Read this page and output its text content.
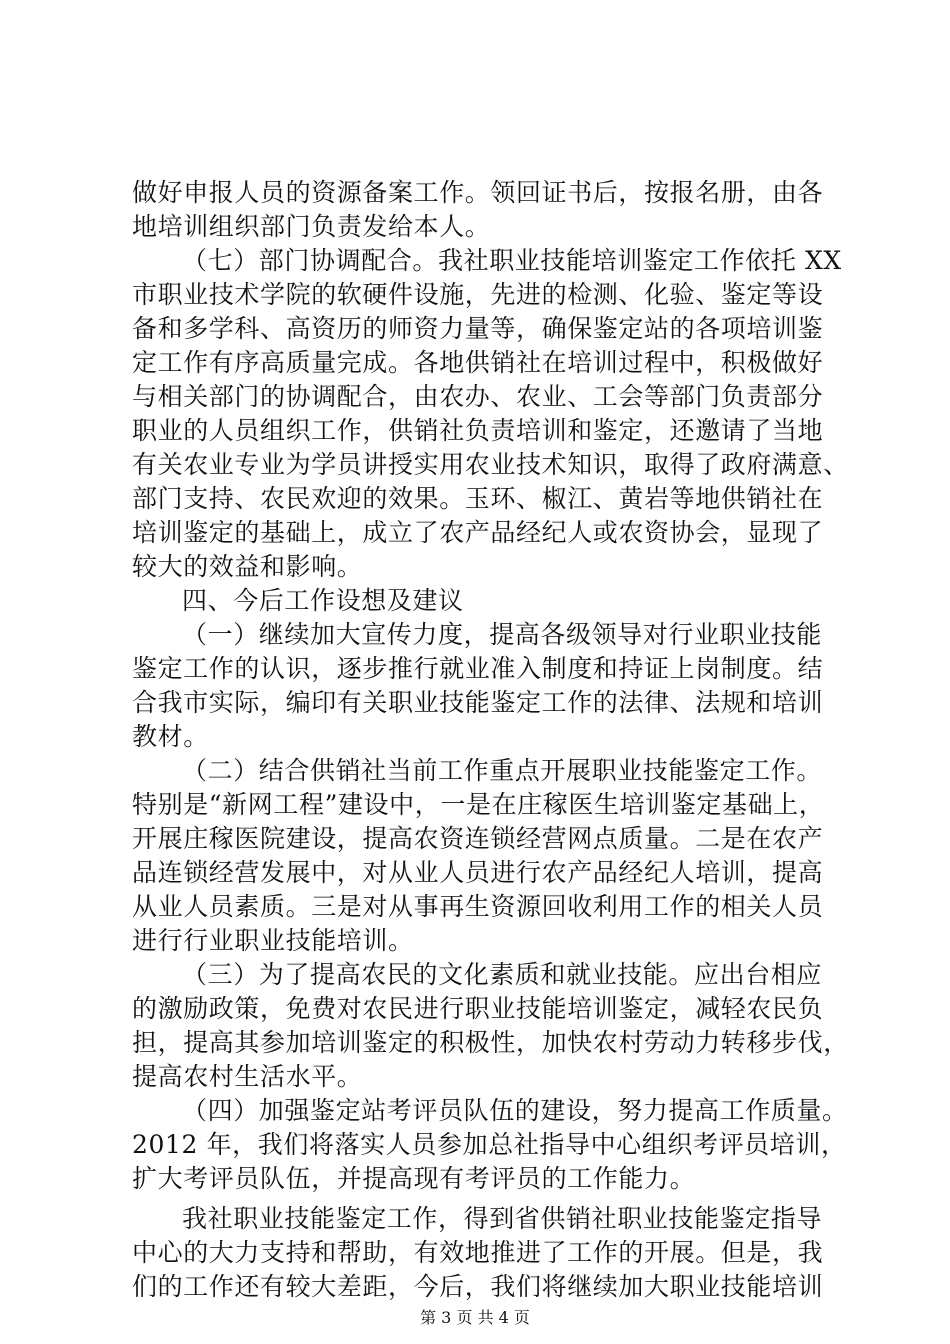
做好申报人员的资源备案工作。领回证书后，按报名册，由各
地培训组织部门负责发给本人。
（七）部门协调配合。我社职业技能培训鉴定工作依托 XX
市职业技术学院的软硬件设施，先进的检测、化验、鉴定等设
备和多学科、高资历的师资力量等，确保鉴定站的各项培训鉴
定工作有序高质量完成。各地供销社在培训过程中，积极做好
与相关部门的协调配合，由农办、农业、工会等部门负责部分
职业的人员组织工作，供销社负责培训和鉴定，还邀请了当地
有关农业专业为学员讲授实用农业技术知识，取得了政府满意、
部门支持、农民欢迎的效果。玉环、椒江、黄岩等地供销社在
培训鉴定的基础上，成立了农产品经纪人或农资协会，显现了
较大的效益和影响。
四、今后工作设想及建议
（一）继续加大宣传力度，提高各级领导对行业职业技能
鉴定工作的认识，逐步推行就业准入制度和持证上岗制度。结
合我市实际，编印有关职业技能鉴定工作的法律、法规和培训
教材。
（二）结合供销社当前工作重点开展职业技能鉴定工作。
特别是“新网工程”建设中，一是在庄稼医生培训鉴定基础上，
开展庄稼医院建设，提高农资连锁经营网点质量。二是在农产
品连锁经营发展中，对从业人员进行农产品经纪人培训，提高
从业人员素质。三是对从事再生资源回收利用工作的相关人员
进行行业职业技能培训。
（三）为了提高农民的文化素质和就业技能。应出台相应
的激励政策，免费对农民进行职业技能培训鉴定，减轻农民负
担，提高其参加培训鉴定的积极性，加快农村劳动力转移步伐，
提高农村生活水平。
（四）加强鉴定站考评员队伍的建设，努力提高工作质量。
2012 年，我们将落实人员参加总社指导中心组织考评员培训，
扩大考评员队伍，并提高现有考评员的工作能力。
我社职业技能鉴定工作，得到省供销社职业技能鉴定指导
中心的大力支持和帮助，有效地推进了工作的开展。但是，我
们的工作还有较大差距，今后，我们将继续加大职业技能培训
第 3 页 共 4 页
